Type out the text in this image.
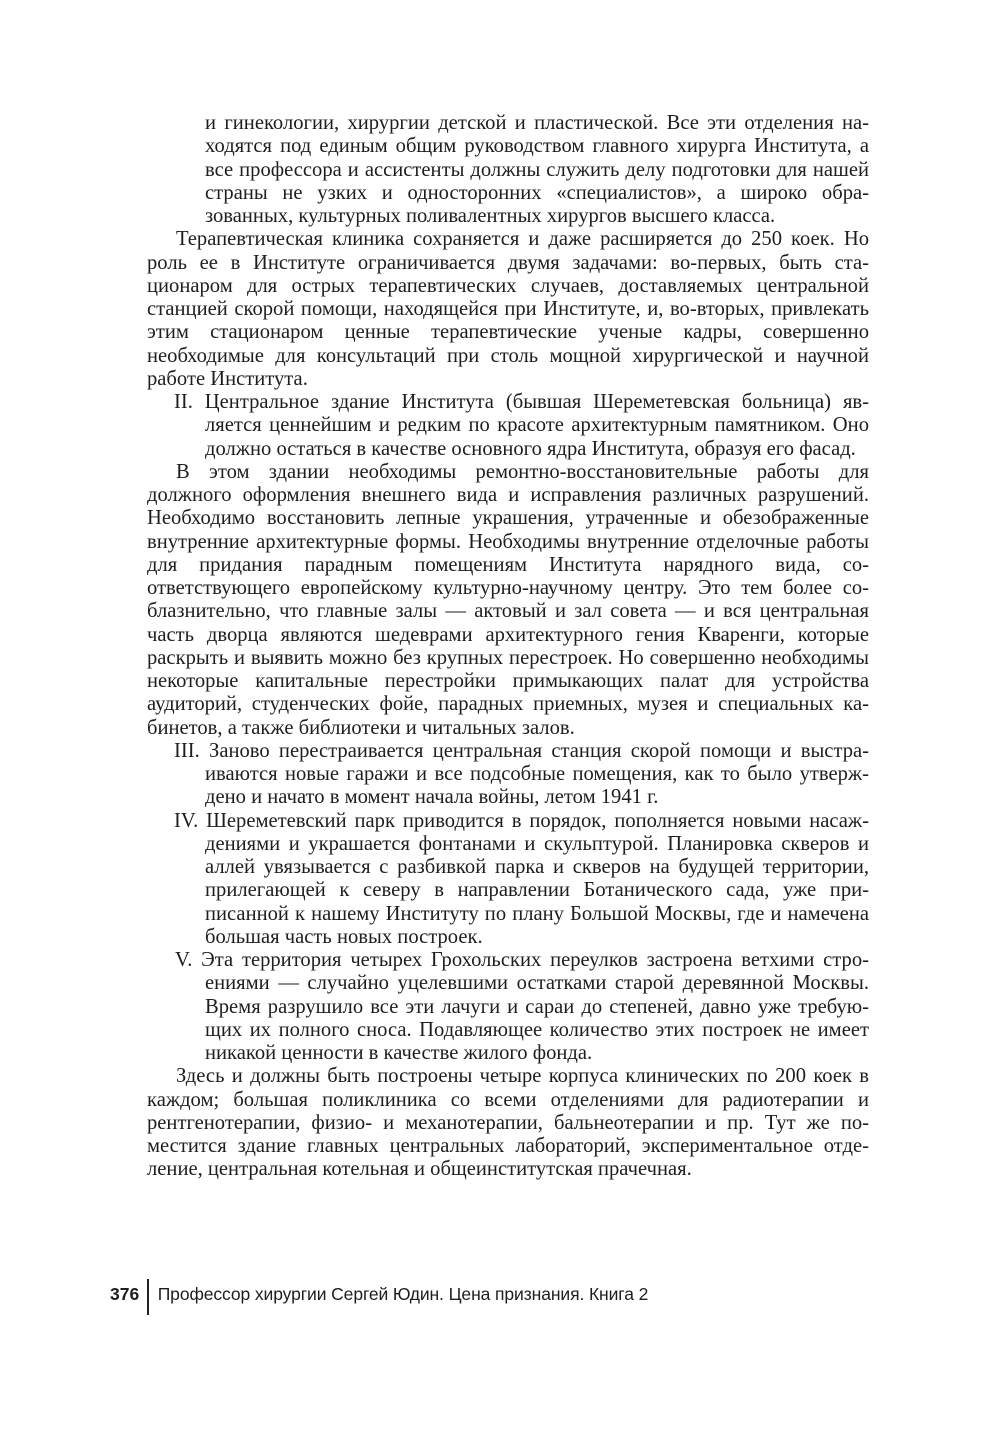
и гинекологии, хирургии детской и пластической. Все эти отделения находятся под единым общим руководством главного хирурга Института, а все профессора и ассистенты должны служить делу подготовки для нашей страны не узких и односторонних «специалистов», а широко образованных, культурных поливалентных хирургов высшего класса.

Терапевтическая клиника сохраняется и даже расширяется до 250 коек. Но роль ее в Институте ограничивается двумя задачами: во-первых, быть стационаром для острых терапевтических случаев, доставляемых центральной станцией скорой помощи, находящейся при Институте, и, во-вторых, привлекать этим стационаром ценные терапевтические ученые кадры, совершенно необходимые для консультаций при столь мощной хирургической и научной работе Института.

II. Центральное здание Института (бывшая Шереметевская больница) является ценнейшим и редким по красоте архитектурным памятником. Оно должно остаться в качестве основного ядра Института, образуя его фасад.

В этом здании необходимы ремонтно-восстановительные работы для должного оформления внешнего вида и исправления различных разрушений. Необходимо восстановить лепные украшения, утраченные и обезображенные внутренние архитектурные формы. Необходимы внутренние отделочные работы для придания парадным помещениям Института нарядного вида, соответствующего европейскому культурно-научному центру. Это тем более соблазнительно, что главные залы — актовый и зал совета — и вся центральная часть дворца являются шедеврами архитектурного гения Кваренги, которые раскрыть и выявить можно без крупных перестроек. Но совершенно необходимы некоторые капитальные перестройки примыкающих палат для устройства аудиторий, студенческих фойе, парадных приемных, музея и специальных кабинетов, а также библиотеки и читальных залов.

III. Заново перестраивается центральная станция скорой помощи и выстраиваются новые гаражи и все подсобные помещения, как то было утверждено и начато в момент начала войны, летом 1941 г.

IV. Шереметевский парк приводится в порядок, пополняется новыми насаждениями и украшается фонтанами и скульптурой. Планировка скверов и аллей увязывается с разбивкой парка и скверов на будущей территории, прилегающей к северу в направлении Ботанического сада, уже приписанной к нашему Институту по плану Большой Москвы, где и намечена большая часть новых построек.

V. Эта территория четырех Грохольских переулков застроена ветхими строениями — случайно уцелевшими остатками старой деревянной Москвы. Время разрушило все эти лачуги и сараи до степеней, давно уже требующих их полного сноса. Подавляющее количество этих построек не имеет никакой ценности в качестве жилого фонда.

Здесь и должны быть построены четыре корпуса клинических по 200 коек в каждом; большая поликлиника со всеми отделениями для радиотерапии и рентгенотерапии, физио- и механотерапии, бальнеотерапии и пр. Тут же поместится здание главных центральных лабораторий, экспериментальное отделение, центральная котельная и общеинститутская прачечная.

376	Профессор хирургии Сергей Юдин. Цена признания. Книга 2
